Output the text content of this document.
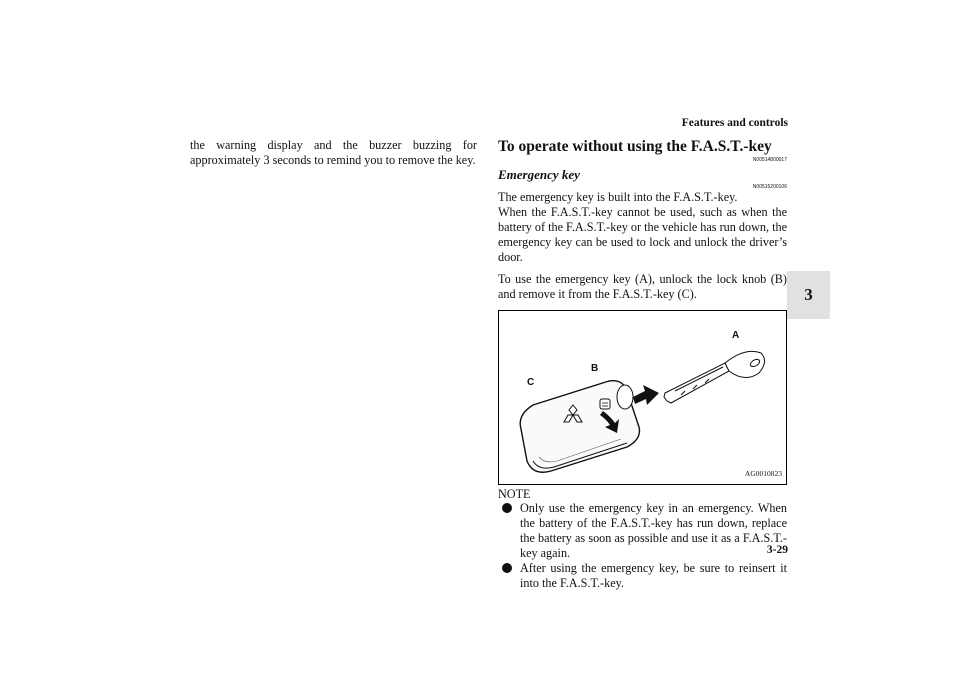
Features and controls
3

the warning display and the buzzer buzzing for approximately 3 seconds to remind you to remove the key.

To operate without using the F.A.S.T.-key

N00514800017

Emergency key

N00515200106

The emergency key is built into the F.A.S.T.-key.

When the F.A.S.T.-key cannot be used, such as when the battery of the F.A.S.T.-key or the vehicle has run down, the emergency key can be used to lock and unlock the driver’s door.

To use the emergency key (A), unlock the lock knob (B) and remove it from the F.A.S.T.-key (C).

A
B
C
AG0010823

NOTE

Only use the emergency key in an emergency. When the battery of the F.A.S.T.-key has run down, replace the battery as soon as possible and use it as a F.A.S.T.-key again.

After using the emergency key, be sure to reinsert it into the F.A.S.T.-key.

3-29
